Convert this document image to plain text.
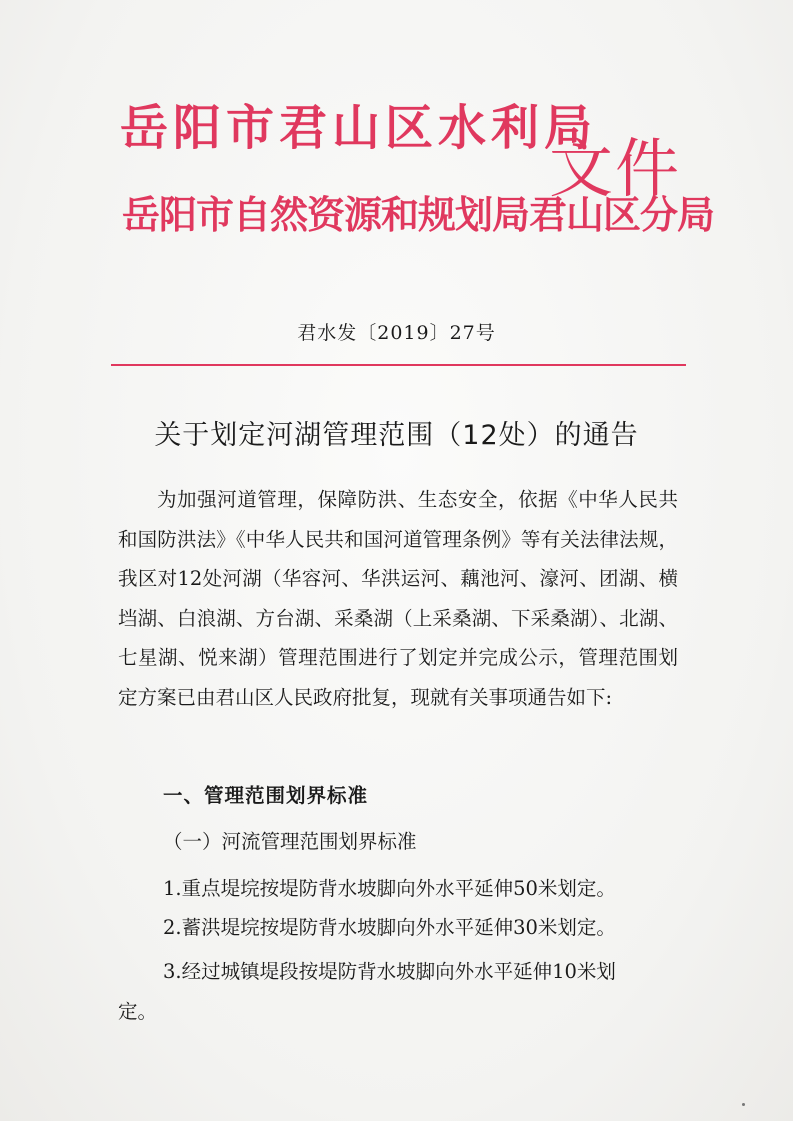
岳阳市君山区水利局
岳阳市自然资源和规划局君山区分局
文件
君水发〔2019〕27号
关于划定河湖管理范围（12处）的通告

为加强河道管理，保障防洪、生态安全，依据《中华人民共和国防洪法》《中华人民共和国河道管理条例》等有关法律法规，我区对12处河湖（华容河、华洪运河、藕池河、濠河、团湖、横垱湖、白浪湖、方台湖、采桑湖（上采桑湖、下采桑湖）、北湖、七星湖、悦来湖）管理范围进行了划定并完成公示，管理范围划定方案已由君山区人民政府批复，现就有关事项通告如下:

一、管理范围划界标准
（一）河流管理范围划界标准
1.重点堤垸按堤防背水坡脚向外水平延伸50米划定。
2.蓄洪堤垸按堤防背水坡脚向外水平延伸30米划定。
3.经过城镇堤段按堤防背水坡脚向外水平延伸10米划
定。
